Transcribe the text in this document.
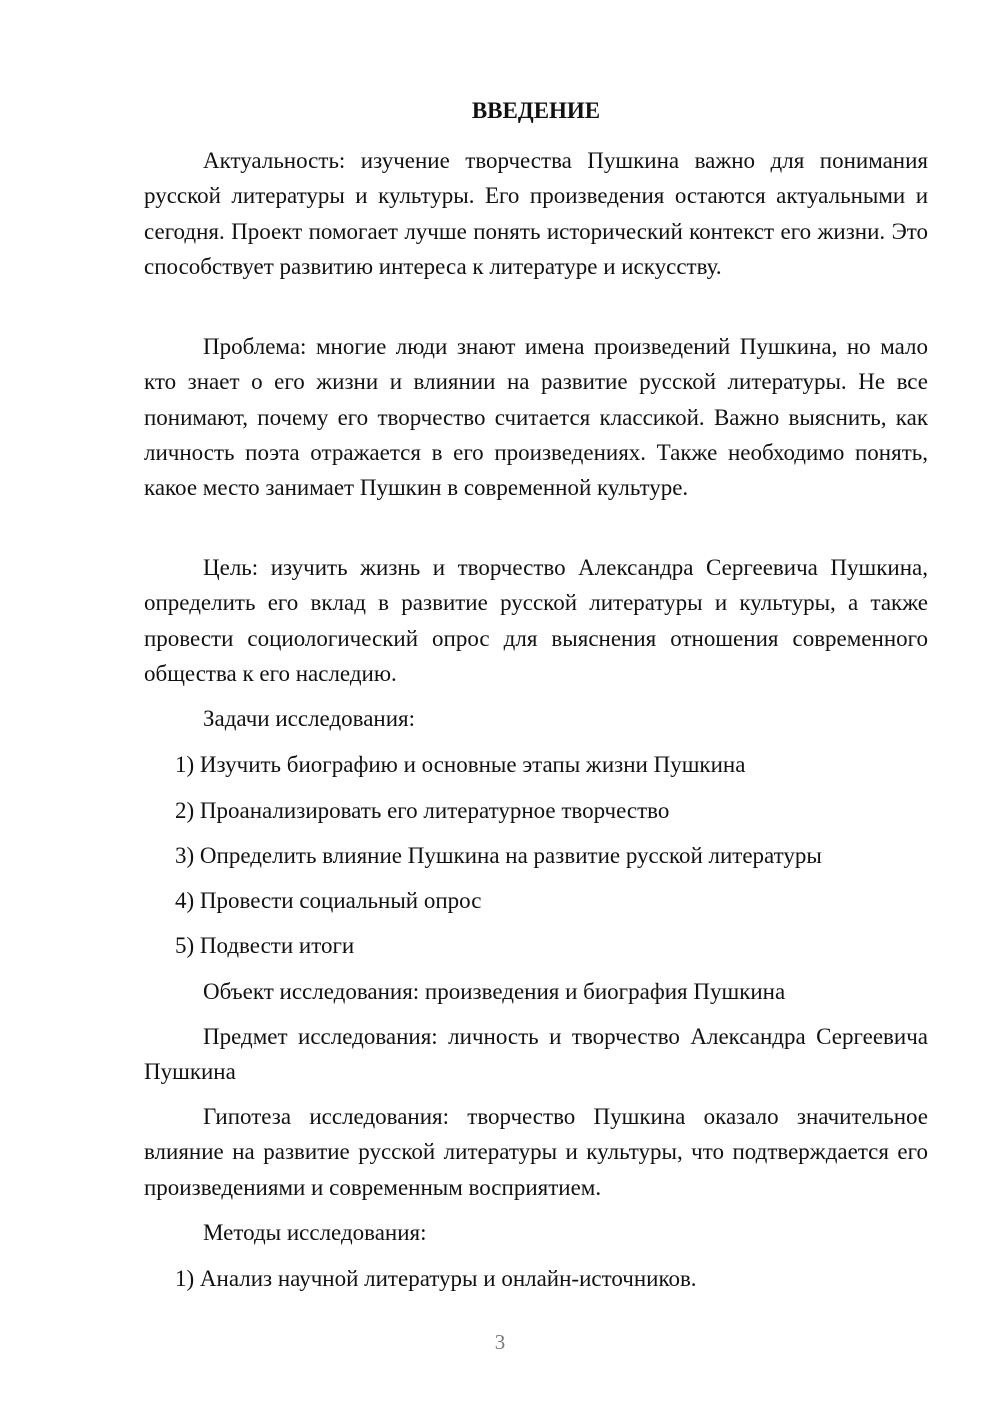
ВВЕДЕНИЕ

Актуальность: изучение творчества Пушкина важно для понимания русской литературы и культуры. Его произведения остаются актуальными и сегодня. Проект помогает лучше понять исторический контекст его жизни. Это способствует развитию интереса к литературе и искусству.

Проблема: многие люди знают имена произведений Пушкина, но мало кто знает о его жизни и влиянии на развитие русской литературы. Не все понимают, почему его творчество считается классикой. Важно выяснить, как личность поэта отражается в его произведениях. Также необходимо понять, какое место занимает Пушкин в современной культуре.

Цель: изучить жизнь и творчество Александра Сергеевича Пушкина, определить его вклад в развитие русской литературы и культуры, а также провести социологический опрос для выяснения отношения современного общества к его наследию.

Задачи исследования:

1) Изучить биографию и основные этапы жизни Пушкина

2) Проанализировать его литературное творчество

3) Определить влияние Пушкина на развитие русской литературы

4) Провести социальный опрос

5) Подвести итоги

Объект исследования: произведения и биография Пушкина

Предмет исследования: личность и творчество Александра Сергеевича Пушкина

Гипотеза исследования: творчество Пушкина оказало значительное влияние на развитие русской литературы и культуры, что подтверждается его произведениями и современным восприятием.

Методы исследования:

1) Анализ научной литературы и онлайн-источников.

3
